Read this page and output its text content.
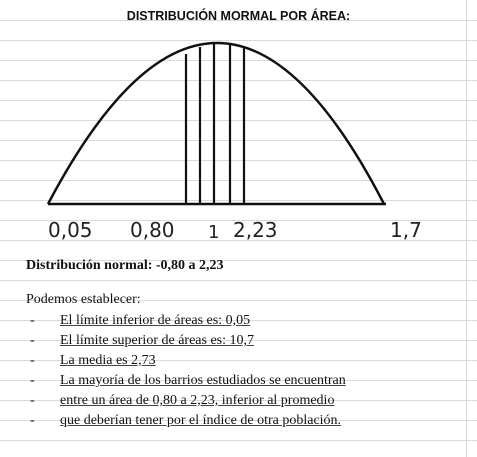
DISTRIBUCIÓN MORMAL POR ÁREA:
0,05 0,80 1 2,23	1,7
Distribución normal: -0,80 a 2,23
Podemos establecer:
- El límite inferior de áreas es: 0,05
- El límite superior de áreas es: 10,7
- La media es 2,73
- La mayoría de los barrios estudiados se encuentran
- entre un área de 0,80 a 2,23, inferior al promedio
- que deberían tener por el índice de otra población.
